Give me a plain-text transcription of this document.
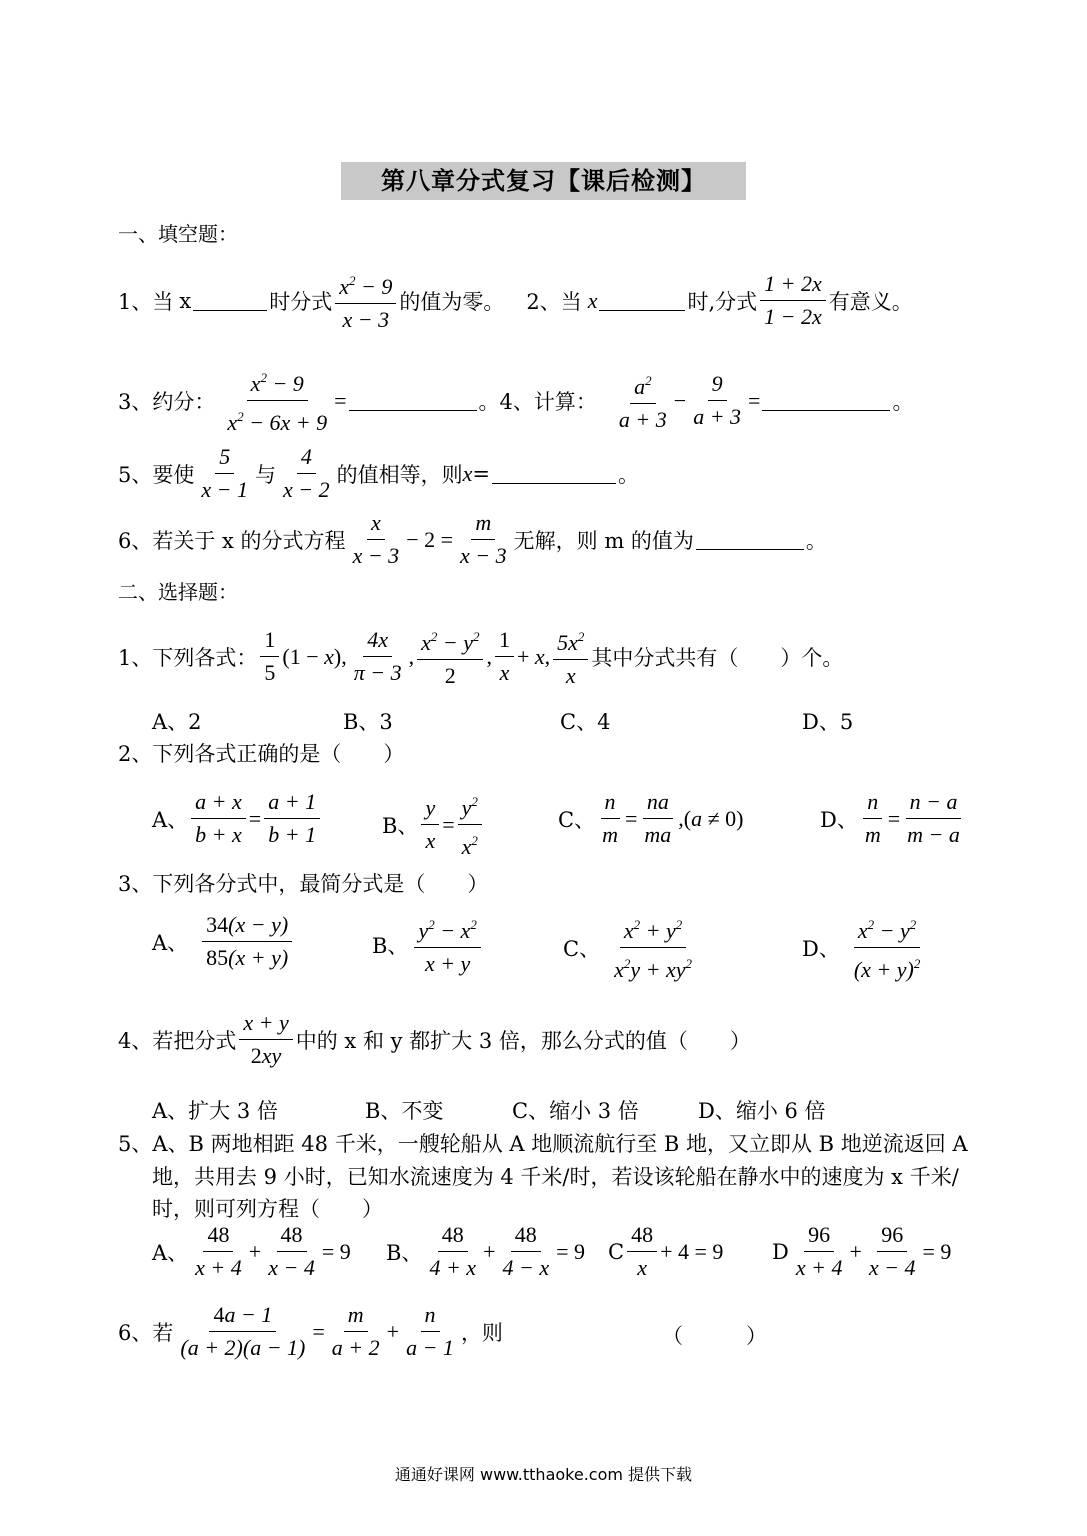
第八章分式复习【课后检测】
一、填空题：
1、当 x	时分式 $\frac{x^2 - 9}{x - 3}$ 的值为零。 2、当 x	时,分式 $\frac{1 + 2x}{1 - 2x}$ 有意义。
3、约分： $\frac{x^2 - 9}{x^2 - 6x + 9}$ =	。 4、计算： $\frac{a^2}{a + 3} - \frac{9}{a + 3}$ =	。
5、要使 $\frac{5}{x - 1}$ 与 $\frac{4}{x - 2}$ 的值相等，则 x =	。
6、若关于 x 的分式方程 $\frac{x}{x - 3} - 2 = \frac{m}{x - 3}$ 无解，则 m 的值为	。
二、选择题：
1、下列各式： $\frac{1}{5} (1 - x)$, $\frac{4x}{\pi - 3}$ , $\frac{x^2 - y^2}{2}$ , $\frac{1}{x} + x$, $\frac{5x^2}{x}$ 其中分式共有（　　）个。
A、2	B、3	C、4	D、5
2、下列各式正确的是（　　）
A、 $\frac{a + x}{b + x} = \frac{a + 1}{b + 1}$	B、 $\frac{y}{x} = \frac{y^2}{x^2}$	C、 $\frac{n}{m} = \frac{na}{ma} ,(a \ne 0)$	D、 $\frac{n}{m} = \frac{n - a}{m - a}$
3、下列各分式中，最简分式是（　　）
A、 $\frac{34(x - y)}{85(x + y)}$	B、 $\frac{y^2 - x^2}{x + y}$	C、 $\frac{x^2 + y^2}{x^2y + xy^2}$	D、 $\frac{x^2 - y^2}{(x + y)^2}$
4、若把分式 $\frac{x + y}{2xy}$ 中的 x 和 y 都扩大 3 倍，那么分式的值（　　）
A、扩大 3 倍	B、不变	C、缩小 3 倍	D、缩小 6 倍
5、A、B 两地相距 48 千米，一艘轮船从 A 地顺流航行至 B 地，又立即从 B 地逆流返回 A
地，共用去 9 小时，已知水流速度为 4 千米/时，若设该轮船在静水中的速度为 x 千米/
时，则可列方程（　　）
A、 $\frac{48}{x + 4} + \frac{48}{x - 4} = 9$ B、 $\frac{48}{4 + x} + \frac{48}{4 - x} = 9$ C $\frac{48}{x} + 4 = 9$ D $\frac{96}{x + 4} + \frac{96}{x - 4} = 9$
6、若 $\frac{4a - 1}{(a + 2)(a - 1)} = \frac{m}{a + 2} + \frac{n}{a - 1}$ ，则	（　　　）
通通好课网 www.tthaoke.com 提供下载
